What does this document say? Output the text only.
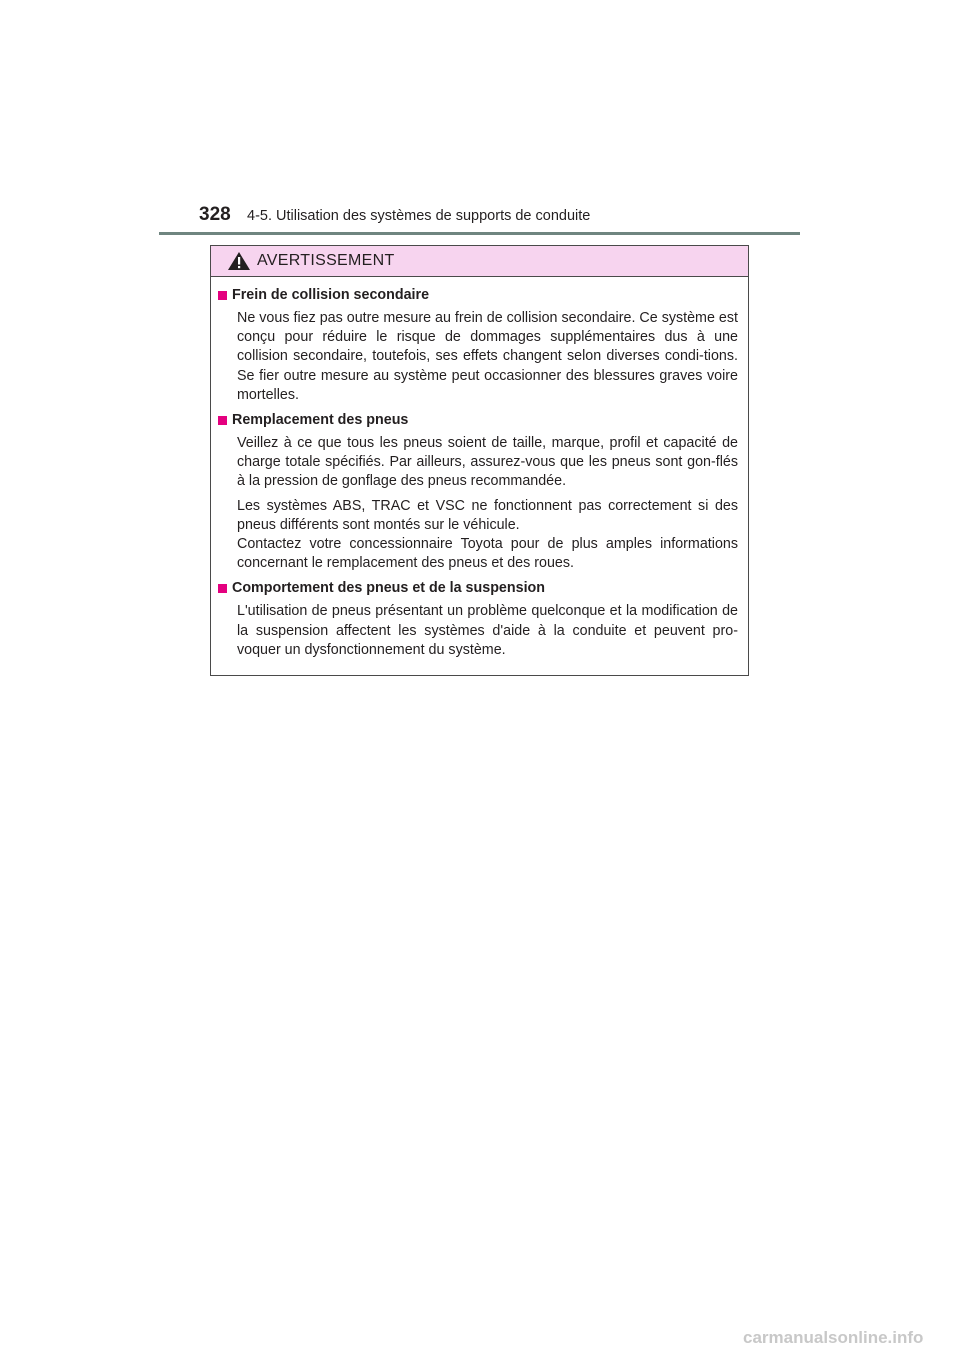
328 4-5. Utilisation des systèmes de supports de conduite
AVERTISSEMENT
Frein de collision secondaire

Ne vous fiez pas outre mesure au frein de collision secondaire. Ce système est conçu pour réduire le risque de dommages supplémentaires dus à une collision secondaire, toutefois, ses effets changent selon diverses condi-tions. Se fier outre mesure au système peut occasionner des blessures graves voire mortelles.

Remplacement des pneus

Veillez à ce que tous les pneus soient de taille, marque, profil et capacité de charge totale spécifiés. Par ailleurs, assurez-vous que les pneus sont gon-flés à la pression de gonflage des pneus recommandée.

Les systèmes ABS, TRAC et VSC ne fonctionnent pas correctement si des pneus différents sont montés sur le véhicule.

Contactez votre concessionnaire Toyota pour de plus amples informations concernant le remplacement des pneus et des roues.

Comportement des pneus et de la suspension

L'utilisation de pneus présentant un problème quelconque et la modification de la suspension affectent les systèmes d'aide à la conduite et peuvent pro-voquer un dysfonctionnement du système.

carmanualsonline.info
